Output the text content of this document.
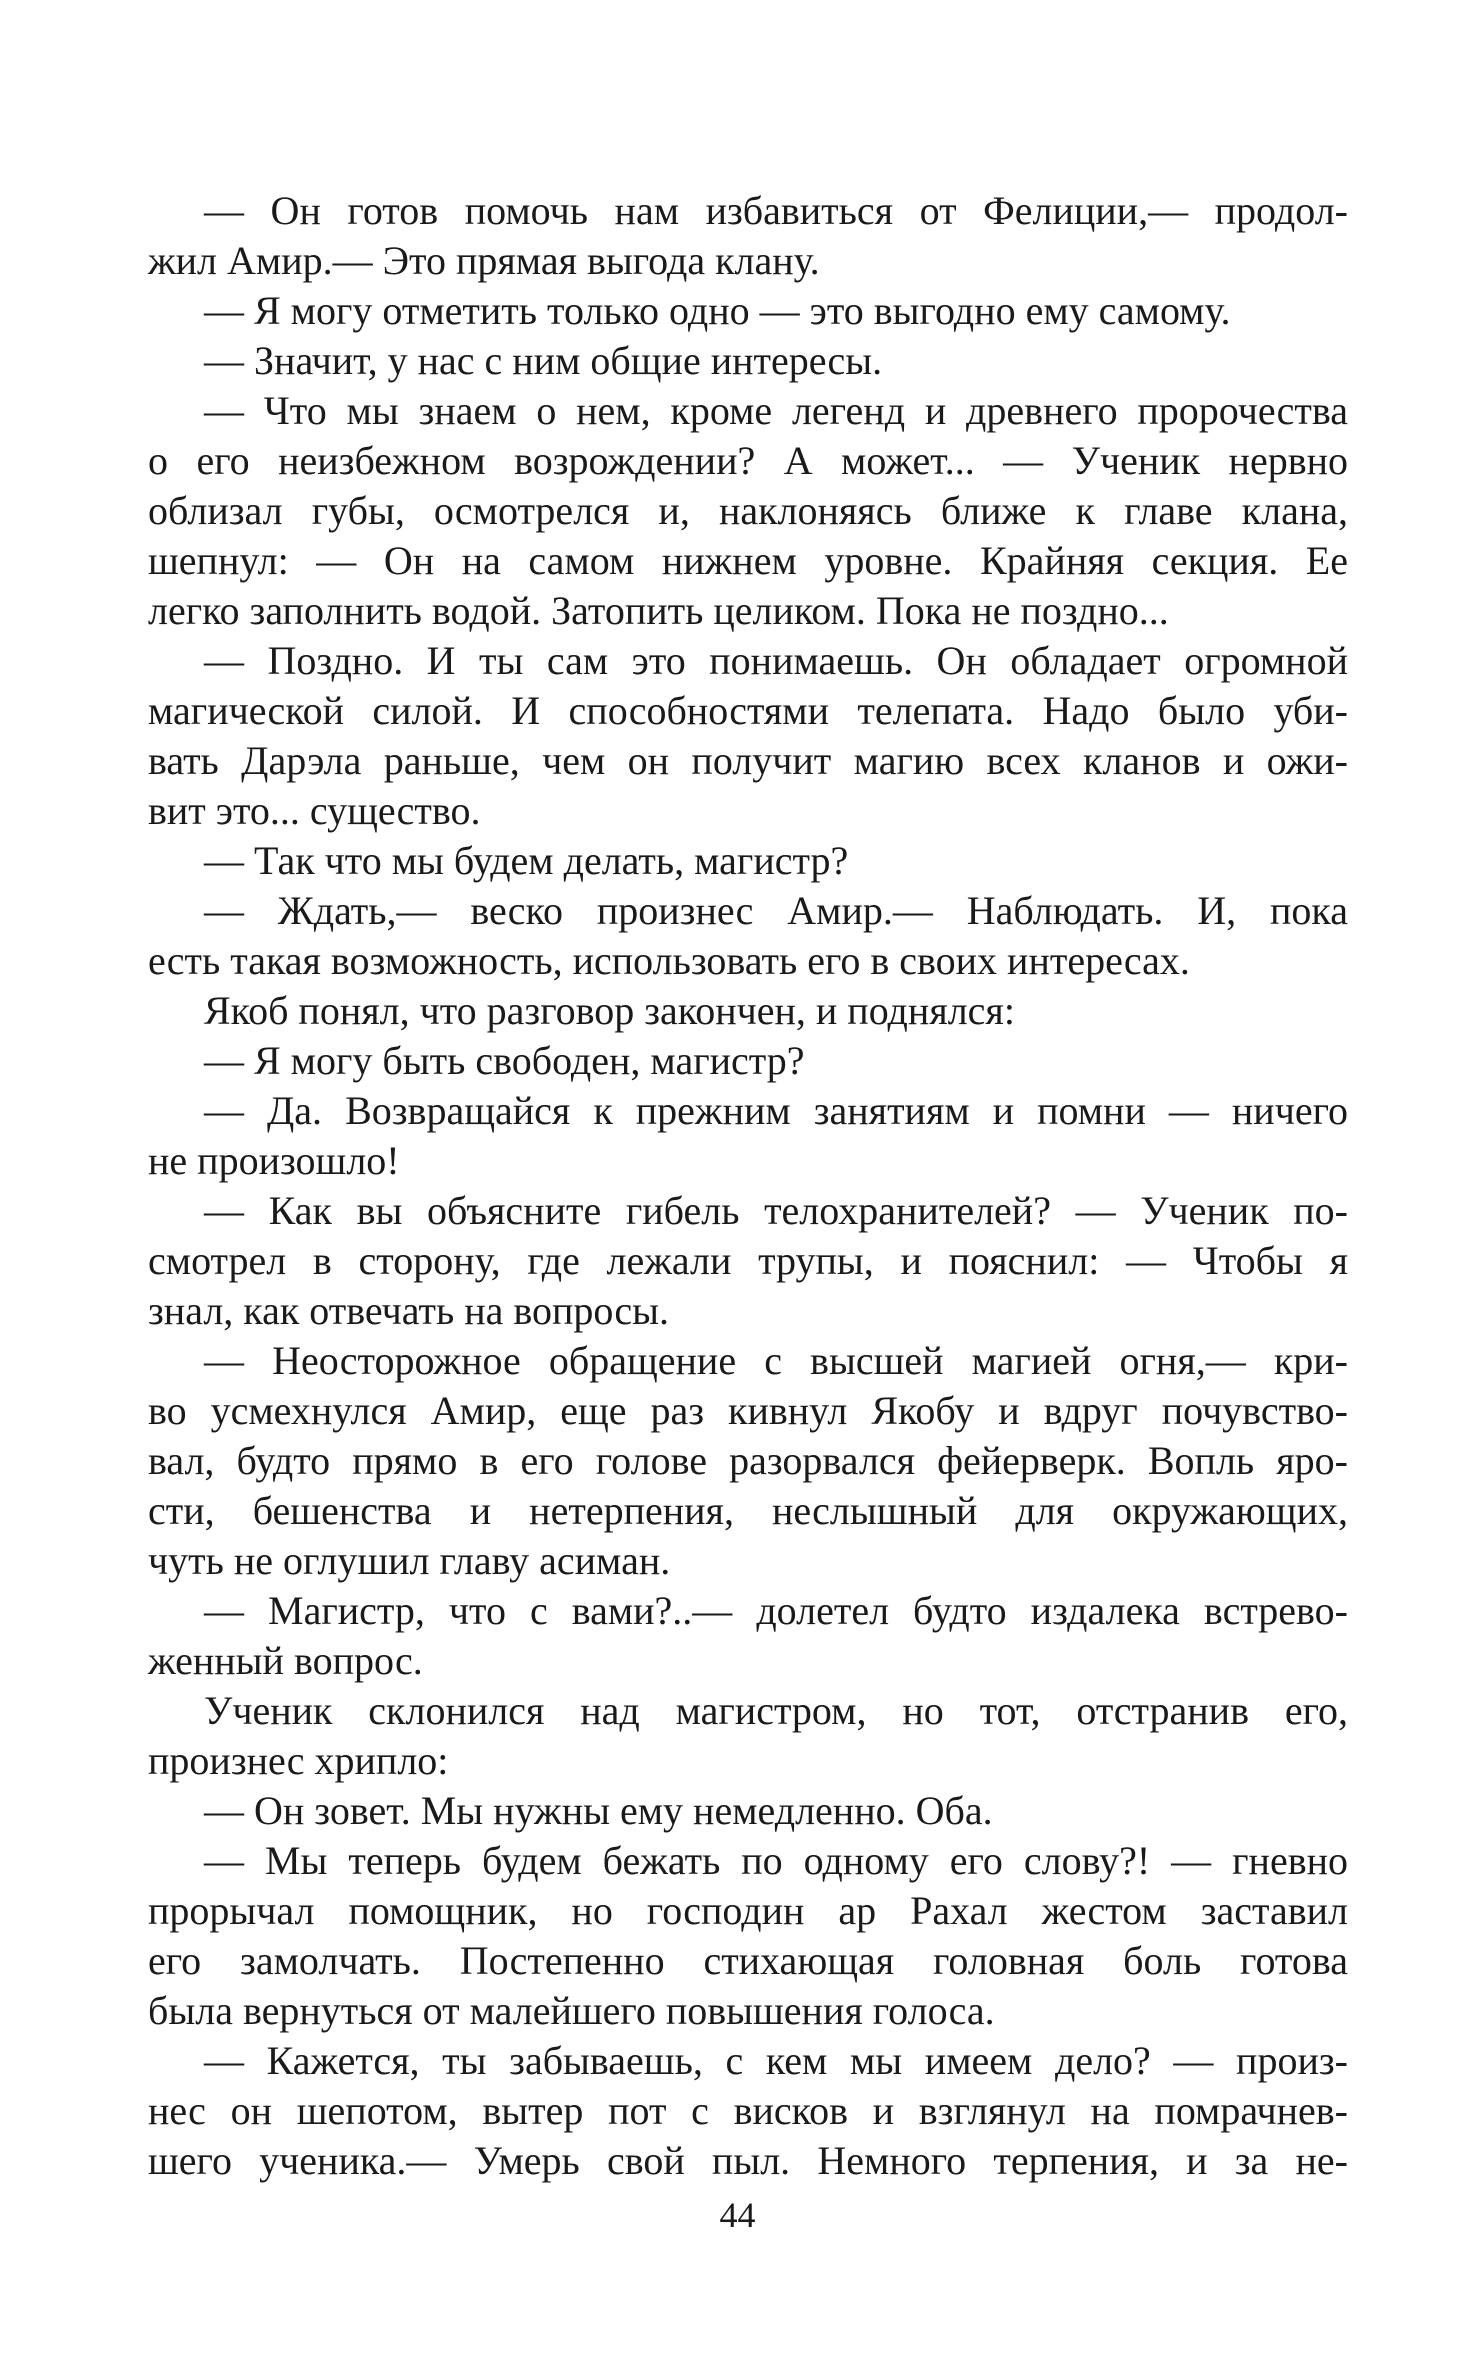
— Он готов помочь нам избавиться от Фелиции,— продол-
жил Амир.— Это прямая выгода клану.
— Я могу отметить только одно — это выгодно ему самому.
— Значит, у нас с ним общие интересы.
— Что мы знаем о нем, кроме легенд и древнего пророчества
о его неизбежном возрождении? А может... — Ученик нервно
облизал губы, осмотрелся и, наклоняясь ближе к главе клана,
шепнул: — Он на самом нижнем уровне. Крайняя секция. Ее
легко заполнить водой. Затопить целиком. Пока не поздно...
— Поздно. И ты сам это понимаешь. Он обладает огромной
магической силой. И способностями телепата. Надо было уби-
вать Дарэла раньше, чем он получит магию всех кланов и ожи-
вит это... существо.
— Так что мы будем делать, магистр?
— Ждать,— веско произнес Амир.— Наблюдать. И, пока
есть такая возможность, использовать его в своих интересах.
Якоб понял, что разговор закончен, и поднялся:
— Я могу быть свободен, магистр?
— Да. Возвращайся к прежним занятиям и помни — ничего
не произошло!
— Как вы объясните гибель телохранителей? — Ученик по-
смотрел в сторону, где лежали трупы, и пояснил: — Чтобы я
знал, как отвечать на вопросы.
— Неосторожное обращение с высшей магией огня,— кри-
во усмехнулся Амир, еще раз кивнул Якобу и вдруг почувство-
вал, будто прямо в его голове разорвался фейерверк. Вопль яро-
сти, бешенства и нетерпения, неслышный для окружающих,
чуть не оглушил главу асиман.
— Магистр, что с вами?..— долетел будто издалека встрево-
женный вопрос.
Ученик склонился над магистром, но тот, отстранив его,
произнес хрипло:
— Он зовет. Мы нужны ему немедленно. Оба.
— Мы теперь будем бежать по одному его слову?! — гневно
прорычал помощник, но господин ар Рахал жестом заставил
его замолчать. Постепенно стихающая головная боль готова
была вернуться от малейшего повышения голоса.
— Кажется, ты забываешь, с кем мы имеем дело? — произ-
нес он шепотом, вытер пот с висков и взглянул на помрачнев-
шего ученика.— Умерь свой пыл. Немного терпения, и за не-
44
